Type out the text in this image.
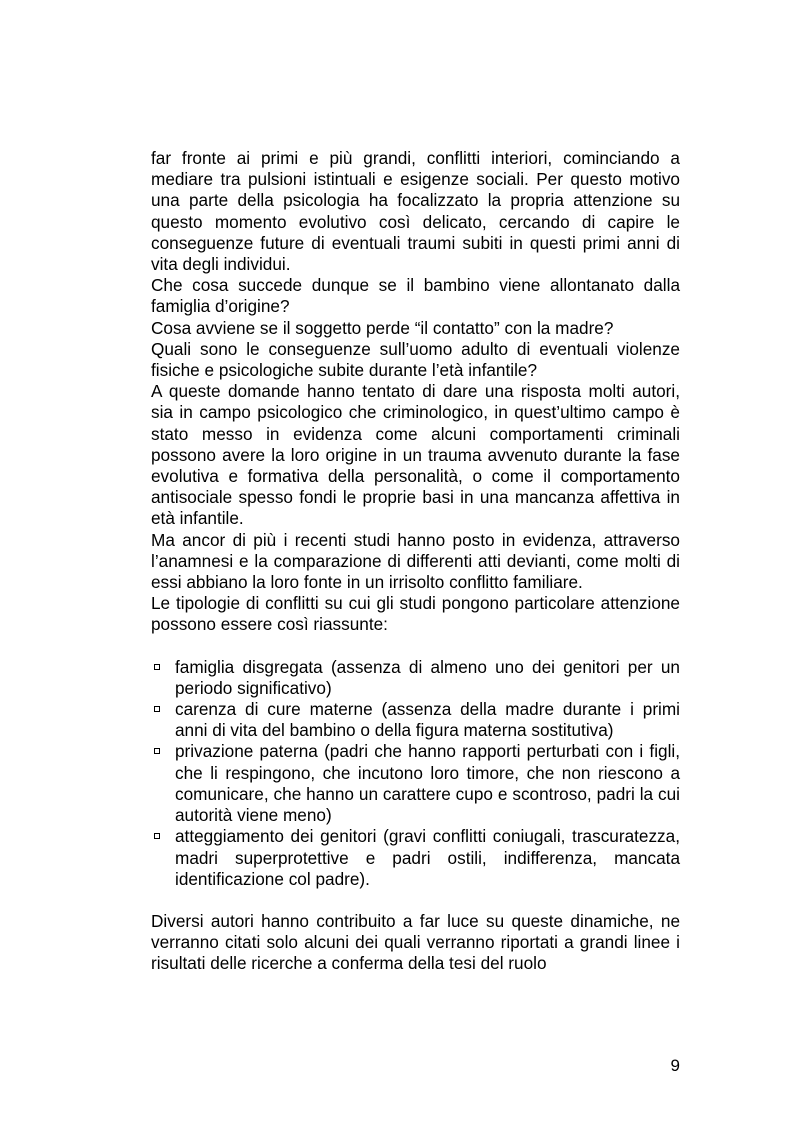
far fronte ai primi e più grandi, conflitti interiori, cominciando a mediare tra pulsioni istintuali e esigenze sociali. Per questo motivo una parte della psicologia ha focalizzato la propria attenzione su questo momento evolutivo così delicato, cercando di capire le conseguenze future di eventuali traumi subiti in questi primi anni di vita degli individui.

Che cosa succede dunque se il bambino viene allontanato dalla famiglia d’origine?

Cosa avviene se il soggetto perde “il contatto” con la madre?

Quali sono le conseguenze sull’uomo adulto di eventuali violenze fisiche e psicologiche subite durante l’età infantile?

A queste domande hanno tentato di dare una risposta molti autori, sia in campo psicologico che criminologico, in quest’ultimo campo è stato messo in evidenza come alcuni comportamenti criminali possono avere la loro origine in un trauma avvenuto durante la fase evolutiva e formativa della personalità, o come il comportamento antisociale spesso fondi le proprie basi in una mancanza affettiva in età infantile.

Ma ancor di più i recenti studi hanno posto in evidenza, attraverso l’anamnesi e la comparazione di differenti atti devianti, come molti di essi abbiano la loro fonte in un irrisolto conflitto familiare.

Le tipologie di conflitti su cui gli studi pongono particolare attenzione possono essere così riassunte:

famiglia disgregata (assenza di almeno uno dei genitori per un periodo significativo)
carenza di cure materne (assenza della madre durante i primi anni di vita del bambino o della figura materna sostitutiva)
privazione paterna (padri che hanno rapporti perturbati con i figli, che li respingono, che incutono loro timore, che non riescono a comunicare, che hanno un carattere cupo e scontroso, padri la cui autorità viene meno)
atteggiamento dei genitori (gravi conflitti coniugali, trascuratezza, madri superprotettive e padri ostili, indifferenza, mancata identificazione col padre).

Diversi autori hanno contribuito a far luce su queste dinamiche, ne verranno citati solo alcuni dei quali verranno riportati a grandi linee i risultati delle ricerche a conferma della tesi del ruolo

9
